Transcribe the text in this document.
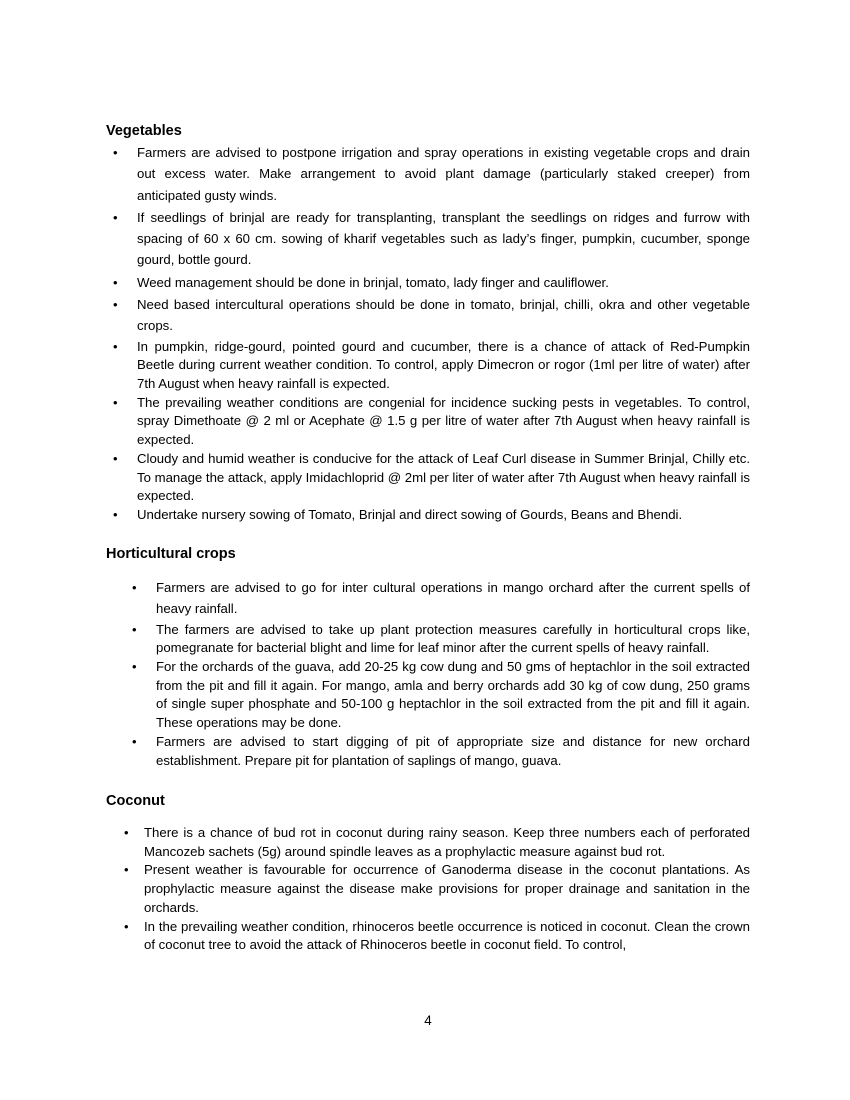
Vegetables
• Farmers are advised to postpone irrigation and spray operations in existing vegetable crops and drain out excess water. Make arrangement to avoid plant damage (particularly staked creeper) from anticipated gusty winds.
• If seedlings of brinjal are ready for transplanting, transplant the seedlings on ridges and furrow with spacing of 60 x 60 cm. sowing of kharif vegetables such as lady’s finger, pumpkin, cucumber, sponge gourd, bottle gourd.
• Weed management should be done in brinjal, tomato, lady finger and cauliflower.
• Need based intercultural operations should be done in tomato, brinjal, chilli, okra and other vegetable crops.
• In pumpkin, ridge-gourd, pointed gourd and cucumber, there is a chance of attack of Red-Pumpkin Beetle during current weather condition. To control, apply Dimecron or rogor (1ml per litre of water) after 7th August when heavy rainfall is expected.
• The prevailing weather conditions are congenial for incidence sucking pests in vegetables. To control, spray Dimethoate @ 2 ml or Acephate @ 1.5 g per litre of water after 7th August when heavy rainfall is expected.
• Cloudy and humid weather is conducive for the attack of Leaf Curl disease in Summer Brinjal, Chilly etc. To manage the attack, apply Imidachloprid @ 2ml per liter of water after 7th August when heavy rainfall is expected.
• Undertake nursery sowing of Tomato, Brinjal and direct sowing of Gourds, Beans and Bhendi.
Horticultural crops
• Farmers are advised to go for inter cultural operations in mango orchard after the current spells of heavy rainfall.
• The farmers are advised to take up plant protection measures carefully in horticultural crops like, pomegranate for bacterial blight and lime for leaf minor after the current spells of heavy rainfall.
• For the orchards of the guava, add 20-25 kg cow dung and 50 gms of heptachlor in the soil extracted from the pit and fill it again. For mango, amla and berry orchards add 30 kg of cow dung, 250 grams of single super phosphate and 50-100 g heptachlor in the soil extracted from the pit and fill it again. These operations may be done.
• Farmers are advised to start digging of pit of appropriate size and distance for new orchard establishment. Prepare pit for plantation of saplings of mango, guava.
Coconut
• There is a chance of bud rot in coconut during rainy season. Keep three numbers each of perforated Mancozeb sachets (5g) around spindle leaves as a prophylactic measure against bud rot.
• Present weather is favourable for occurrence of Ganoderma disease in the coconut plantations. As prophylactic measure against the disease make provisions for proper drainage and sanitation in the orchards.
• In the prevailing weather condition, rhinoceros beetle occurrence is noticed in coconut. Clean the crown of coconut tree to avoid the attack of Rhinoceros beetle in coconut field. To control,
4
